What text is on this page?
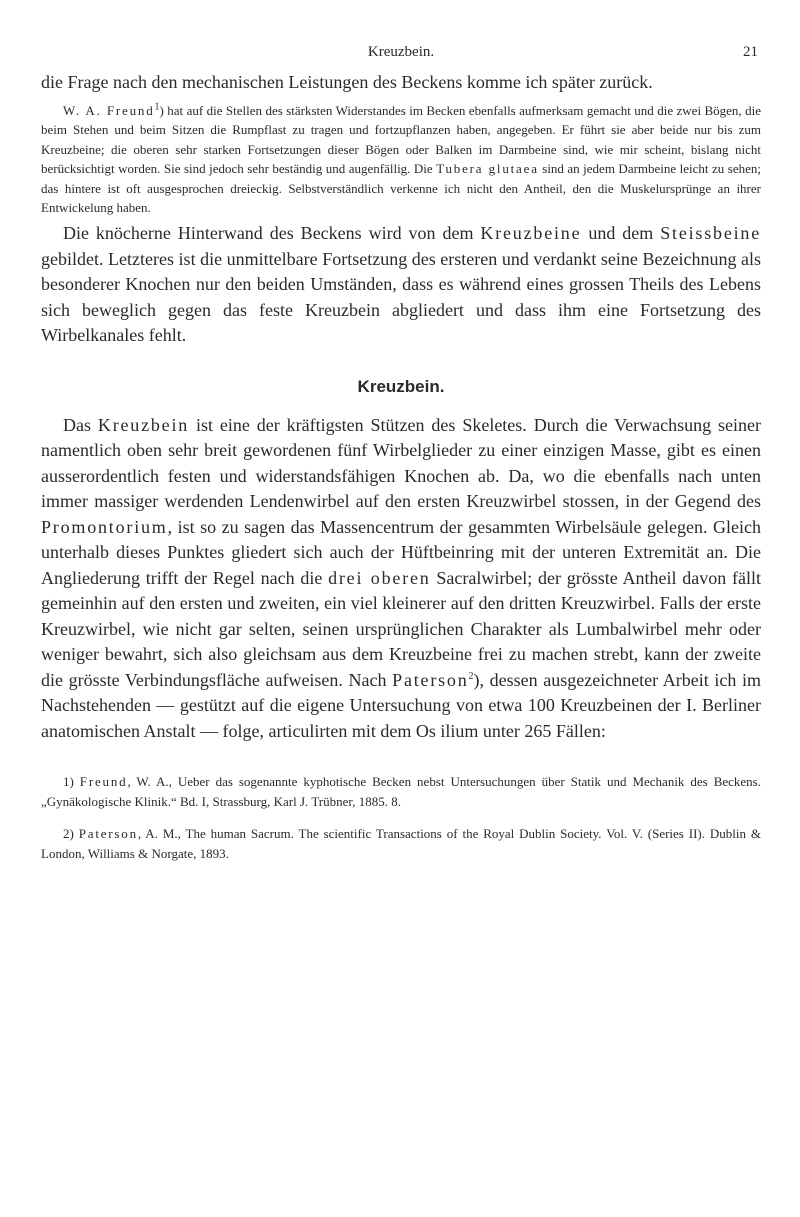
Kreuzbein.	21

die Frage nach den mechanischen Leistungen des Beckens komme ich später zurück.

W. A. Freund$^1$) hat auf die Stellen des stärksten Widerstandes im Becken ebenfalls aufmerksam gemacht und die zwei Bögen, die beim Stehen und beim Sitzen die Rumpflast zu tragen und fortzupflanzen haben, angegeben. Er führt sie aber beide nur bis zum Kreuzbeine; die oberen sehr starken Fortsetzungen dieser Bögen oder Balken im Darmbeine sind, wie mir scheint, bislang nicht berücksichtigt worden. Sie sind jedoch sehr beständig und augenfällig. Die Tubera glutaea sind an jedem Darmbeine leicht zu sehen; das hintere ist oft ausgesprochen dreieckig. Selbstverständlich verkenne ich nicht den Antheil, den die Muskelursprünge an ihrer Entwickelung haben.

Die knöcherne Hinterwand des Beckens wird von dem Kreuzbeine und dem Steissbeine gebildet. Letzteres ist die unmittelbare Fortsetzung des ersteren und verdankt seine Bezeichnung als besonderer Knochen nur den beiden Umständen, dass es während eines grossen Theils des Lebens sich beweglich gegen das feste Kreuzbein abgliedert und dass ihm eine Fortsetzung des Wirbelkanales fehlt.

Kreuzbein.

Das Kreuzbein ist eine der kräftigsten Stützen des Skeletes. Durch die Verwachsung seiner namentlich oben sehr breit gewordenen fünf Wirbelglieder zu einer einzigen Masse, gibt es einen ausserordentlich festen und widerstandsfähigen Knochen ab. Da, wo die ebenfalls nach unten immer massiger werdenden Lendenwirbel auf den ersten Kreuzwirbel stossen, in der Gegend des Promontorium, ist so zu sagen das Massencentrum der gesammten Wirbelsäule gelegen. Gleich unterhalb dieses Punktes gliedert sich auch der Hüftbeinring mit der unteren Extremität an. Die Angliederung trifft der Regel nach die drei oberen Sacralwirbel; der grösste Antheil davon fällt gemeinhin auf den ersten und zweiten, ein viel kleinerer auf den dritten Kreuzwirbel. Falls der erste Kreuzwirbel, wie nicht gar selten, seinen ursprünglichen Charakter als Lumbalwirbel mehr oder weniger bewahrt, sich also gleichsam aus dem Kreuzbeine frei zu machen strebt, kann der zweite die grösste Verbindungsfläche aufweisen. Nach Paterson$^2$), dessen ausgezeichneter Arbeit ich im Nachstehenden — gestützt auf die eigene Untersuchung von etwa 100 Kreuzbeinen der I. Berliner anatomischen Anstalt — folge, articulirten mit dem Os ilium unter 265 Fällen:

1) Freund, W. A., Ueber das sogenannte kyphotische Becken nebst Untersuchungen über Statik und Mechanik des Beckens. „Gynäkologische Klinik.“ Bd. I, Strassburg, Karl J. Trübner, 1885. 8.

2) Paterson, A. M., The human Sacrum. The scientific Transactions of the Royal Dublin Society. Vol. V. (Series II). Dublin & London, Williams & Norgate, 1893.
